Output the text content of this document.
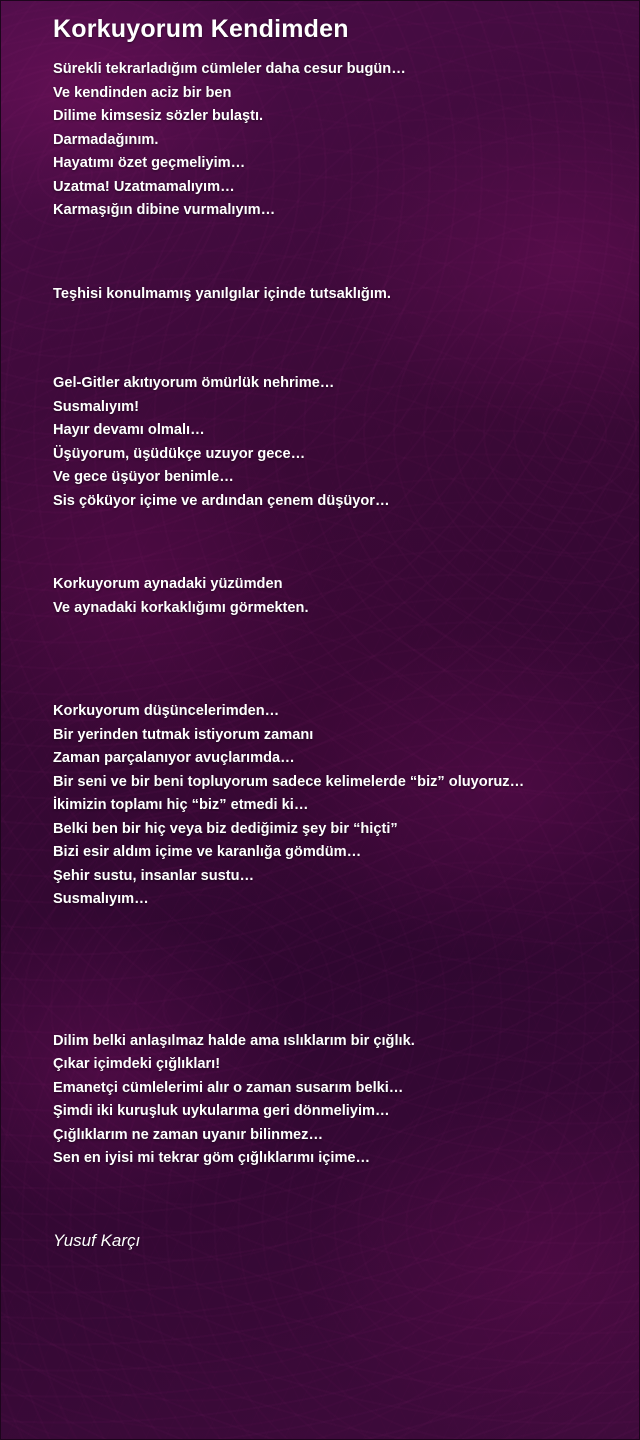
Korkuyorum Kendimden
Sürekli tekrarladığım cümleler daha cesur bugün…
Ve kendinden aciz bir ben
Dilime kimsesiz sözler bulaştı.
Darmadağınım.
Hayatımı özet geçmeliyim…
Uzatma! Uzatmamalıyım…
Karmaşığın dibine vurmalıyım…
Teşhisi konulmamış yanılgılar içinde tutsaklığım.
Gel-Gitler akıtıyorum ömürlük nehrime…
Susmalıyım!
Hayır devamı olmalı…
Üşüyorum, üşüdükçe uzuyor gece…
Ve gece üşüyor benimle…
Sis çöküyor içime ve ardından çenem düşüyor…
Korkuyorum aynadaki yüzümden
Ve aynadaki korkaklığımı görmekten.
Korkuyorum düşüncelerimden…
Bir yerinden tutmak istiyorum zamanı
Zaman parçalanıyor avuçlarımda…
Bir seni ve bir beni topluyorum sadece kelimelerde “biz” oluyoruz…
İkimizin toplamı hiç “biz” etmedi ki…
Belki ben bir hiç veya biz dediğimiz şey bir “hiçti”
Bizi esir aldım içime ve karanlığa gömdüm…
Şehir sustu, insanlar sustu…
Susmalıyım…
Dilim belki anlaşılmaz halde ama ıslıklarım bir çığlık.
Çıkar içimdeki çığlıkları!
Emanetçi cümlelerimi alır o zaman susarım belki…
Şimdi iki kuruşluk uykularıma geri dönmeliyim…
Çığlıklarım ne zaman uyanır bilinmez…
Sen en iyisi mi tekrar göm çığlıklarımı içime…
Yusuf Karçı
